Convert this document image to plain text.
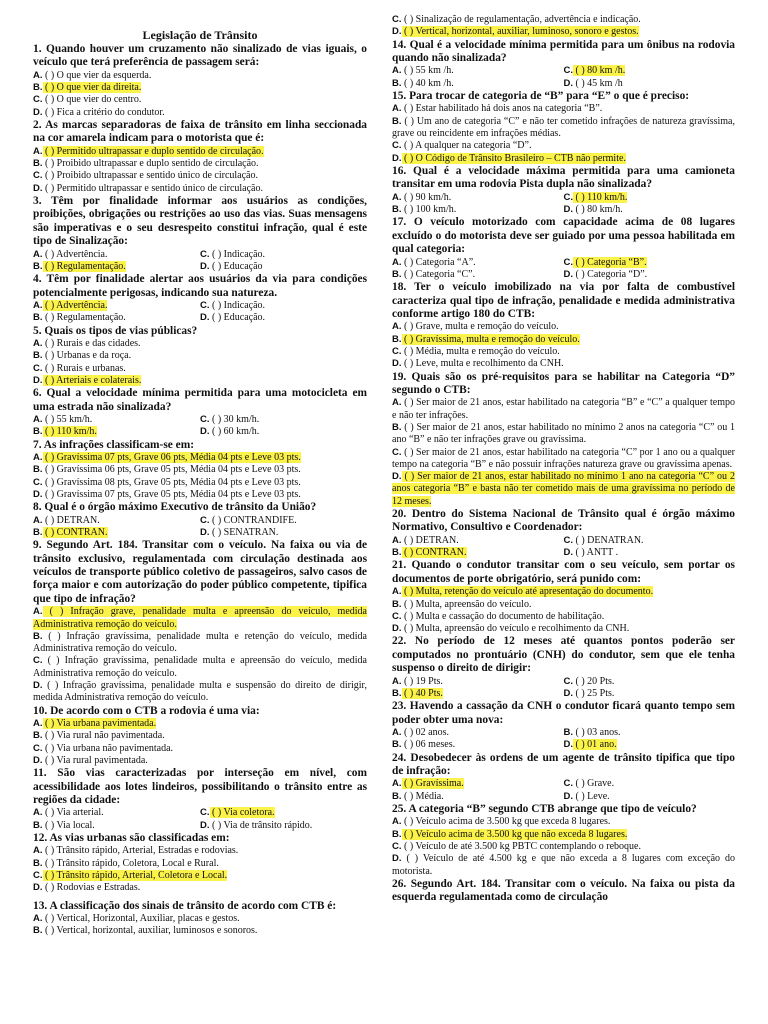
Legislação de Trânsito
1. Quando houver um cruzamento não sinalizado de vias iguais, o veículo que terá preferência de passagem será:
A. ( ) O que vier da esquerda.
B. ( ) O que vier da direita.
C. ( ) O que vier do centro.
D. ( ) Fica a critério do condutor.
2. As marcas separadoras de faixa de trânsito em linha seccionada na cor amarela indicam para o motorista que é:
A. ( ) Permitido ultrapassar e duplo sentido de circulação.
B. ( ) Proibido ultrapassar e duplo sentido de circulação.
C. ( ) Proibido ultrapassar e sentido único de circulação.
D. ( ) Permitido ultrapassar e sentido único de circulação.
3. Têm por finalidade informar aos usuários as condições, proibições, obrigações ou restrições ao uso das vias. Suas mensagens são imperativas e o seu desrespeito constitui infração, qual é este tipo de Sinalização:
A. ( ) Advertência.	C. ( ) Indicação.
B. ( ) Regulamentação.	D. ( ) Educação
4. Têm por finalidade alertar aos usuários da via para condições potencialmente perigosas, indicando sua natureza.
A. ( ) Advertência.	C. ( ) Indicação.
B. ( ) Regulamentação.	D. ( ) Educação.
5. Quais os tipos de vias públicas?
A. ( ) Rurais e das cidades.
B. ( ) Urbanas e da roça.
C. ( ) Rurais e urbanas.
D. ( ) Arteriais e colaterais.
6. Qual a velocidade mínima permitida para uma motocicleta em uma estrada não sinalizada?
A. ( ) 55 km/h.	C. ( ) 30 km/h.
B. ( ) 110 km/h.	D. ( ) 60 km/h.
7. As infrações classificam-se em:
A. ( ) Gravíssima 07 pts, Grave 06 pts, Média 04 pts e Leve 03 pts.
B. ( ) Gravíssima 06 pts, Grave 05 pts, Média 04 pts e Leve 03 pts.
C. ( ) Gravíssima 08 pts, Grave 05 pts, Média 04 pts e Leve 03 pts.
D. ( ) Gravíssima 07 pts, Grave 05 pts, Média 04 pts e Leve 03 pts.
8. Qual é o órgão máximo Executivo de trânsito da União?
A. ( ) DETRAN.	C. ( ) CONTRANDIFE.
B. ( ) CONTRAN.	D. ( ) SENATRAN.
9. Segundo Art. 184. Transitar com o veículo. Na faixa ou via de trânsito exclusivo, regulamentada com circulação destinada aos veículos de transporte público coletivo de passageiros, salvo casos de força maior e com autorização do poder público competente, tipifica que tipo de infração?
A. ( ) Infração grave, penalidade multa e apreensão do veículo, medida Administrativa remoção do veículo.
B. ( ) Infração gravíssima, penalidade multa e retenção do veículo, medida Administrativa remoção do veículo.
C. ( ) Infração gravíssima, penalidade multa e apreensão do veículo, medida Administrativa remoção do veículo.
D. ( ) Infração gravíssima, penalidade multa e suspensão do direito de dirigir, medida Administrativa remoção do veículo.
10. De acordo com o CTB a rodovia é uma via:
A. ( ) Via urbana pavimentada.
B. ( ) Via rural não pavimentada.
C. ( ) Via urbana não pavimentada.
D. ( ) Via rural pavimentada.
11. São vias caracterizadas por interseção em nível, com acessibilidade aos lotes lindeiros, possibilitando o trânsito entre as regiões da cidade:
A. ( ) Via arterial.	C. ( ) Via coletora.
B. ( ) Via local.	D. ( ) Via de trânsito rápido.
12. As vias urbanas são classificadas em:
A. ( ) Trânsito rápido, Arterial, Estradas e rodovias.
B. ( ) Trânsito rápido, Coletora, Local e Rural.
C. ( ) Trânsito rápido, Arterial, Coletora e Local.
D. ( ) Rodovias e Estradas.
13. A classificação dos sinais de trânsito de acordo com CTB é:
A. ( ) Vertical, Horizontal, Auxiliar, placas e gestos.
B. ( ) Vertical, horizontal, auxiliar, luminosos e sonoros.
C. ( ) Sinalização de regulamentação, advertência e indicação.
D. ( ) Vertical, horizontal, auxiliar, luminoso, sonoro e gestos.
14. Qual é a velocidade mínima permitida para um ônibus na rodovia quando não sinalizada?
A. ( ) 55 km /h.	C. ( ) 80 km /h.
B. ( ) 40 km /h.	D. ( ) 45 km /h
15. Para trocar de categoria de “B” para “E” o que é preciso:
A. ( ) Estar habilitado há dois anos na categoria “B”.
B. ( ) Um ano de categoria “C” e não ter cometido infrações de natureza gravíssima, grave ou reincidente em infrações médias.
C. ( ) A qualquer na categoria “D”.
D. ( ) O Código de Trânsito Brasileiro – CTB não permite.
16. Qual é a velocidade máxima permitida para uma camioneta transitar em uma rodovia Pista dupla não sinalizada?
A. ( ) 90 km/h.	C. ( ) 110 km/h.
B. ( ) 100 km/h.	D. ( ) 80 km/h.
17. O veículo motorizado com capacidade acima de 08 lugares excluído o do motorista deve ser guiado por uma pessoa habilitada em qual categoria:
A. ( ) Categoria “A”.	C. ( ) Categoria “B”.
B. ( ) Categoria “C”.	D. ( ) Categoria “D”.
18. Ter o veículo imobilizado na via por falta de combustível caracteriza qual tipo de infração, penalidade e medida administrativa conforme artigo 180 do CTB:
A. ( ) Grave, multa e remoção do veículo.
B. ( ) Gravíssima, multa e remoção do veículo.
C. ( ) Média, multa e remoção do veículo.
D. ( ) Leve, multa e recolhimento da CNH.
19. Quais são os pré-requisitos para se habilitar na Categoria “D” segundo o CTB:
A. ( ) Ser maior de 21 anos, estar habilitado na categoria “B” e “C” a qualquer tempo e não ter infrações.
B. ( ) Ser maior de 21 anos, estar habilitado no mínimo 2 anos na categoria “C” ou 1 ano “B” e não ter infrações grave ou gravíssima.
C. ( ) Ser maior de 21 anos, estar habilitado na categoria “C” por 1 ano ou a qualquer tempo na categoria “B” e não possuir infrações natureza grave ou gravíssima apenas.
D. ( ) Ser maior de 21 anos, estar habilitado no mínimo 1 ano na categoria “C” ou 2 anos categoria “B” e basta não ter cometido mais de uma gravíssima no período de 12 meses.
20. Dentro do Sistema Nacional de Trânsito qual é órgão máximo Normativo, Consultivo e Coordenador:
A. ( ) DETRAN.	C. ( ) DENATRAN.
B. ( ) CONTRAN.	D. ( ) ANTT .
21. Quando o condutor transitar com o seu veículo, sem portar os documentos de porte obrigatório, será punido com:
A. ( ) Multa, retenção do veículo até apresentação do documento.
B. ( ) Multa, apreensão do veículo.
C. ( ) Multa e cassação do documento de habilitação.
D. ( ) Multa, apreensão do veículo e recolhimento da CNH.
22. No período de 12 meses até quantos pontos poderão ser computados no prontuário (CNH) do condutor, sem que ele tenha suspenso o direito de dirigir:
A. ( ) 19 Pts.	C. ( ) 20 Pts.
B. ( ) 40 Pts.	D. ( ) 25 Pts.
23. Havendo a cassação da CNH o condutor ficará quanto tempo sem poder obter uma nova:
A. ( ) 02 anos.	B. ( ) 03 anos.
B. ( ) 06 meses.	D. ( ) 01 ano.
24. Desobedecer às ordens de um agente de trânsito tipifica que tipo de infração:
A. ( ) Gravíssima.	C. ( ) Grave.
B. ( ) Média.	D. ( ) Leve.
25. A categoria “B” segundo CTB abrange que tipo de veículo?
A. ( ) Veículo acima de 3.500 kg que exceda 8 lugares.
B. ( ) Veículo acima de 3.500 kg que não exceda 8 lugares.
C. ( ) Veículo de até 3.500 kg PBTC contemplando o reboque.
D. ( ) Veículo de até 4.500 kg e que não exceda a 8 lugares com exceção do motorista.
26. Segundo Art. 184. Transitar com o veículo. Na faixa ou pista da esquerda regulamentada como de circulação
